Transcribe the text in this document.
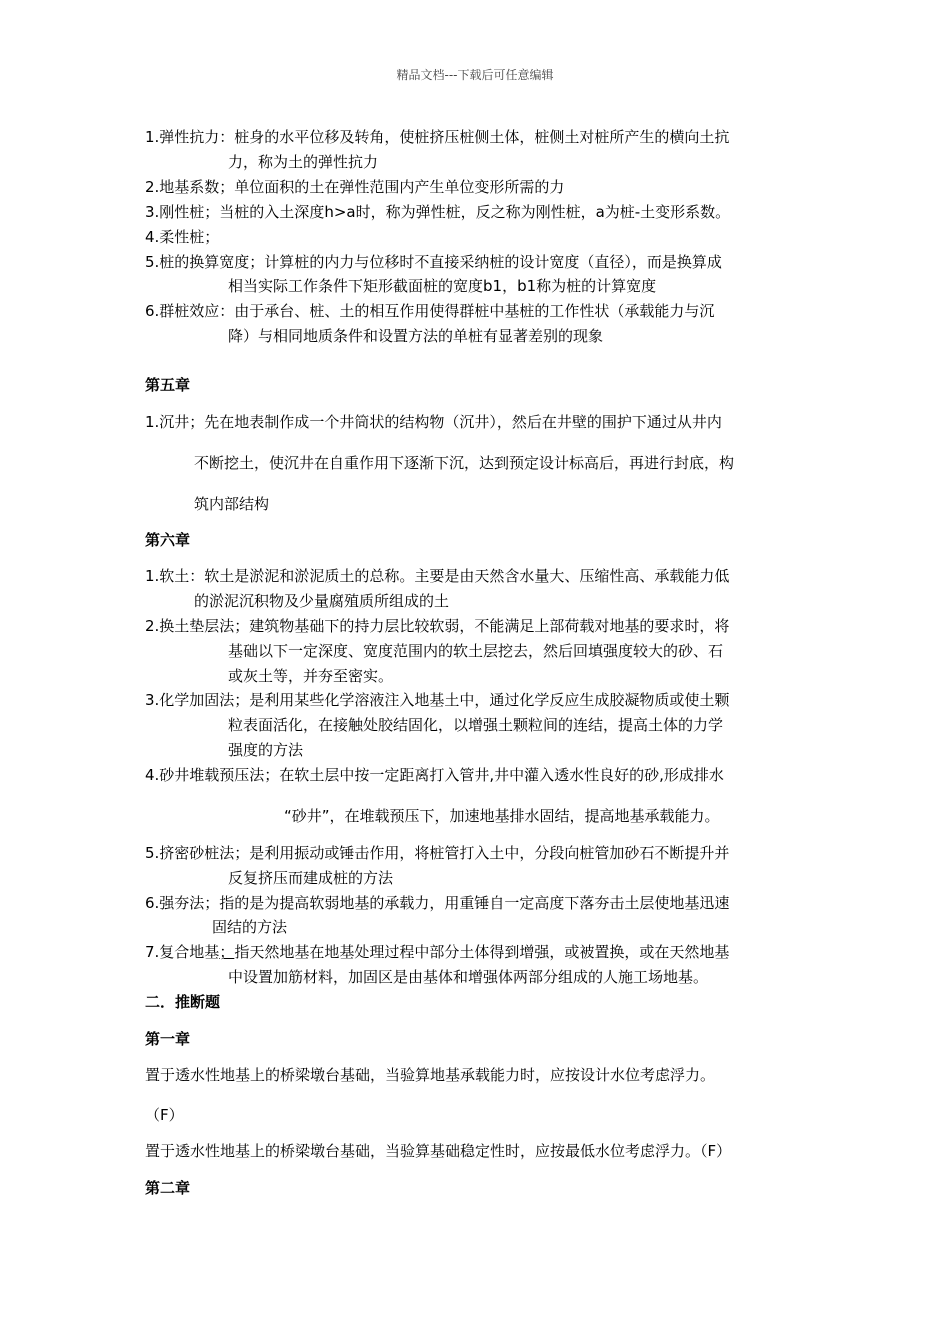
精品文档---下载后可任意编辑
1.弹性抗力：桩身的水平位移及转角，使桩挤压桩侧土体，桩侧土对桩所产生的横向土抗
力，称为土的弹性抗力
2.地基系数；单位面积的土在弹性范围内产生单位变形所需的力
3.刚性桩；当桩的入土深度h>a时，称为弹性桩，反之称为刚性桩，a为桩-土变形系数。
4.柔性桩；
5.桩的换算宽度；计算桩的内力与位移时不直接采纳桩的设计宽度（直径），而是换算成
相当实际工作条件下矩形截面桩的宽度b1，b1称为桩的计算宽度
6.群桩效应：由于承台、桩、土的相互作用使得群桩中基桩的工作性状（承载能力与沉
降）与相同地质条件和设置方法的单桩有显著差别的现象
第五章
1.沉井；先在地表制作成一个井筒状的结构物（沉井），然后在井壁的围护下通过从井内
不断挖土，使沉井在自重作用下逐渐下沉，达到预定设计标高后，再进行封底，构
筑内部结构
第六章
1.软土：软土是淤泥和淤泥质土的总称。主要是由天然含水量大、压缩性高、承载能力低
的淤泥沉积物及少量腐殖质所组成的土
2.换土垫层法；建筑物基础下的持力层比较软弱，不能满足上部荷载对地基的要求时，将
基础以下一定深度、宽度范围内的软土层挖去，然后回填强度较大的砂、石
或灰土等，并夯至密实。
3.化学加固法；是利用某些化学溶液注入地基土中，通过化学反应生成胶凝物质或使土颗
粒表面活化，在接触处胶结固化，以增强土颗粒间的连结，提高土体的力学
强度的方法
4.砂井堆载预压法；在软土层中按一定距离打入管井,井中灌入透水性良好的砂,形成排水
“砂井”，在堆载预压下，加速地基排水固结，提高地基承载能力。
5.挤密砂桩法；是利用振动或锤击作用，将桩管打入土中，分段向桩管加砂石不断提升并
反复挤压而建成桩的方法
6.强夯法；指的是为提高软弱地基的承载力，用重锤自一定高度下落夯击土层使地基迅速
固结的方法
7.复合地基；指天然地基在地基处理过程中部分土体得到增强，或被置换，或在天然地基
中设置加筋材料，加固区是由基体和增强体两部分组成的人施工场地基。
二．推断题
第一章
置于透水性地基上的桥梁墩台基础，当验算地基承载能力时，应按设计水位考虑浮力。
（F）
置于透水性地基上的桥梁墩台基础，当验算基础稳定性时，应按最低水位考虑浮力。（F）
第二章
